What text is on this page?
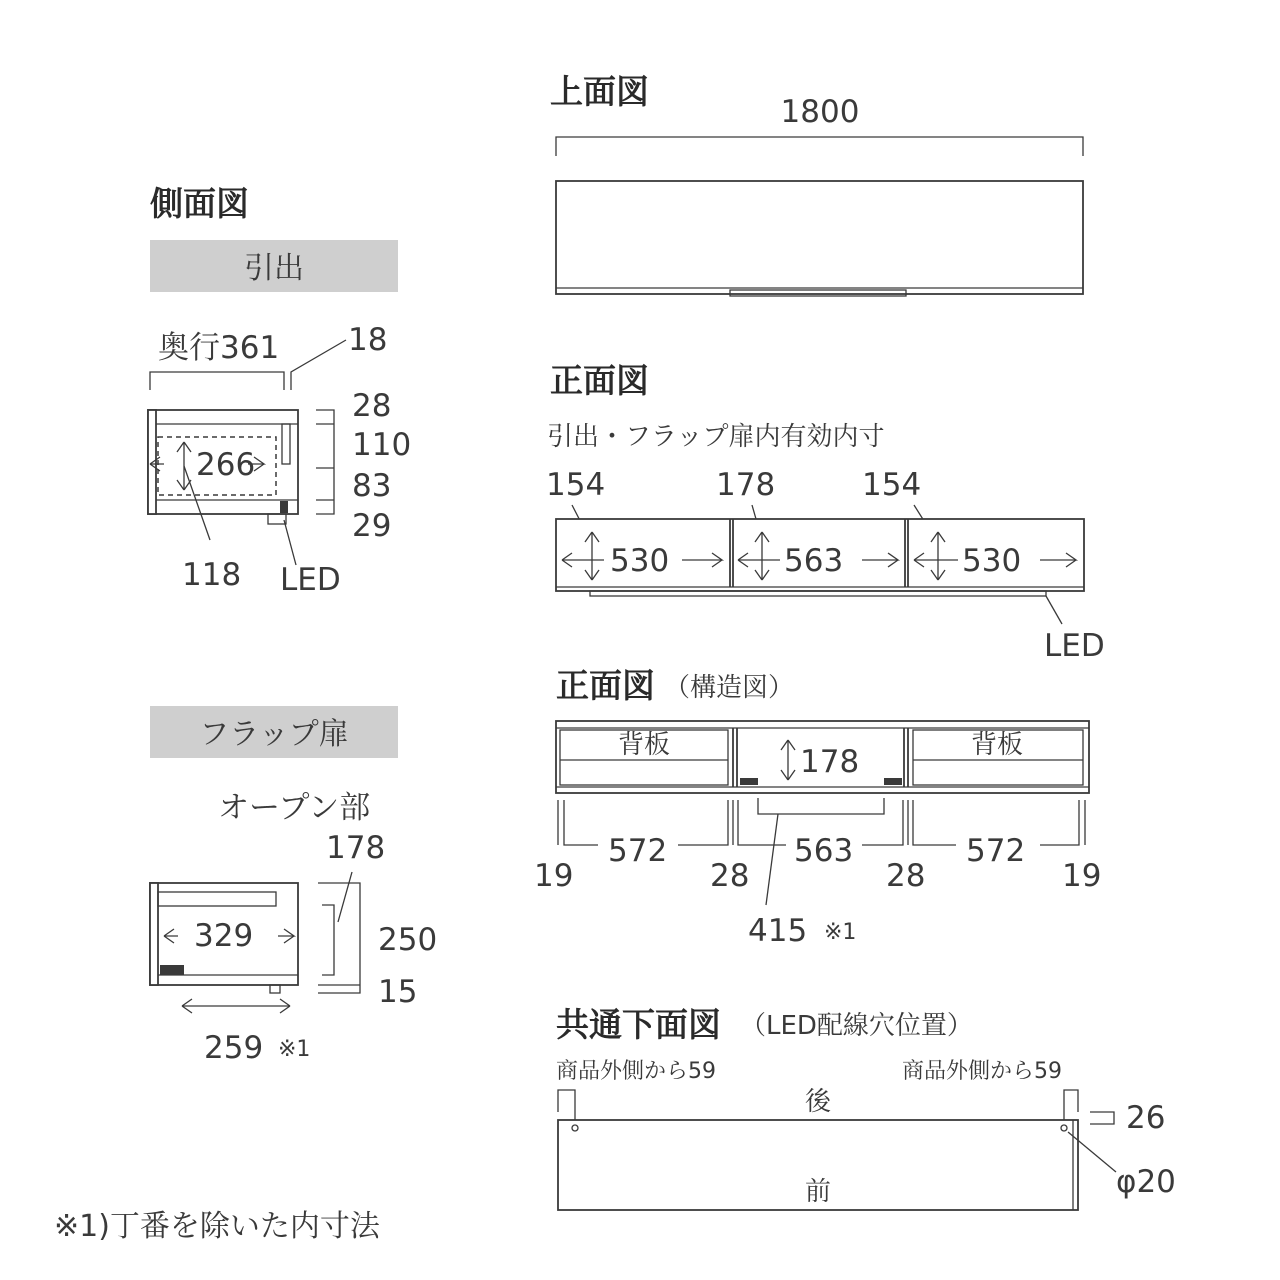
側面図
引出
奥行361 18
266
118 LED
28
110
83
29
フラップ扉
オープン部
178
329	250
15
259 ※1
上面図
1800
正面図
引出・フラップ扉内有効内寸
154	178	154
530	563	530
LED
正面図 （構造図）
背板	背板
178
572	563	572
19	28	28	19
415 ※1
共通下面図 （LED配線穴位置）
商品外側から59	商品外側から59
後	26
φ20
前
※1)丁番を除いた内寸法
